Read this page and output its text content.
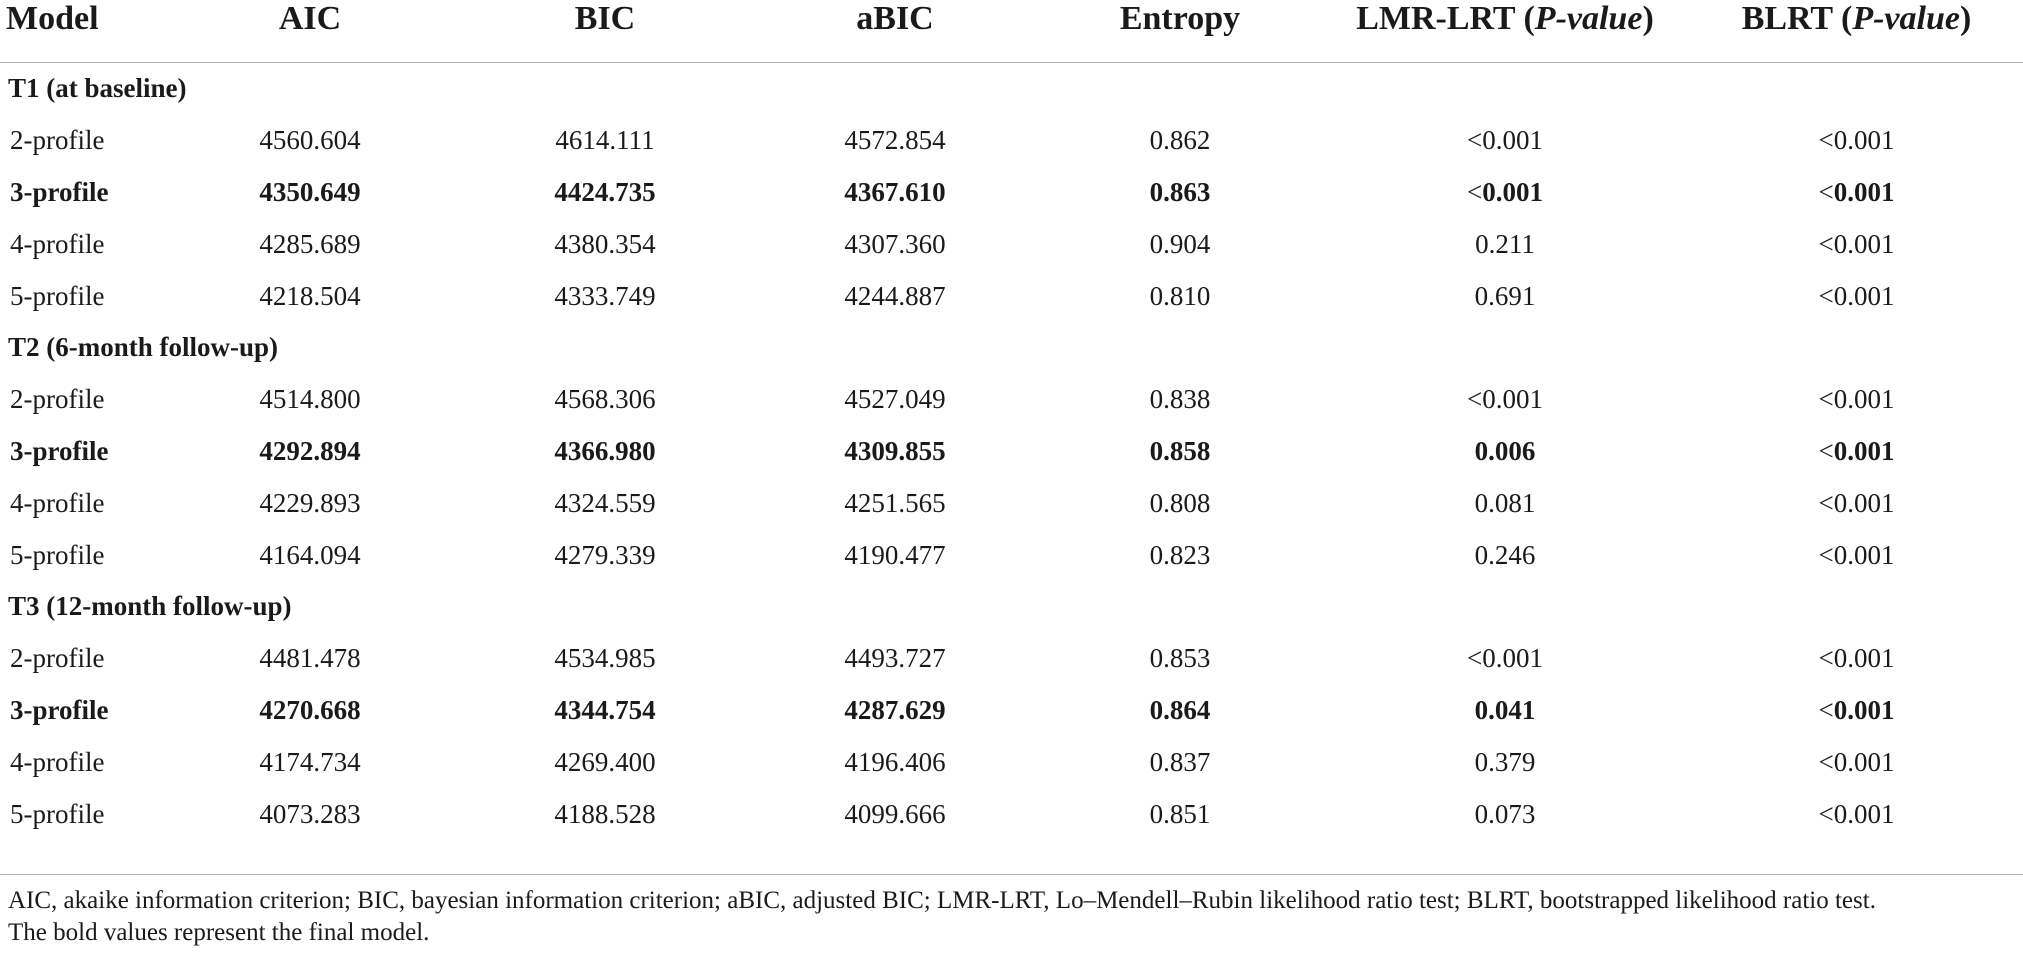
Model	AIC	BIC	aBIC	Entropy	LMR-LRT (P-value)	BLRT (P-value)

T1 (at baseline)						
2-profile	4560.604	4614.111	4572.854	0.862	<0.001	<0.001
3-profile	4350.649	4424.735	4367.610	0.863	<0.001	<0.001
4-profile	4285.689	4380.354	4307.360	0.904	0.211	<0.001
5-profile	4218.504	4333.749	4244.887	0.810	0.691	<0.001
T2 (6-month follow-up)						
2-profile	4514.800	4568.306	4527.049	0.838	<0.001	<0.001
3-profile	4292.894	4366.980	4309.855	0.858	0.006	<0.001
4-profile	4229.893	4324.559	4251.565	0.808	0.081	<0.001
5-profile	4164.094	4279.339	4190.477	0.823	0.246	<0.001
T3 (12-month follow-up)						
2-profile	4481.478	4534.985	4493.727	0.853	<0.001	<0.001
3-profile	4270.668	4344.754	4287.629	0.864	0.041	<0.001
4-profile	4174.734	4269.400	4196.406	0.837	0.379	<0.001
5-profile	4073.283	4188.528	4099.666	0.851	0.073	<0.001

AIC, akaike information criterion; BIC, bayesian information criterion; aBIC, adjusted BIC; LMR-LRT, Lo–Mendell–Rubin likelihood ratio test; BLRT, bootstrapped likelihood ratio test.

The bold values represent the final model.
